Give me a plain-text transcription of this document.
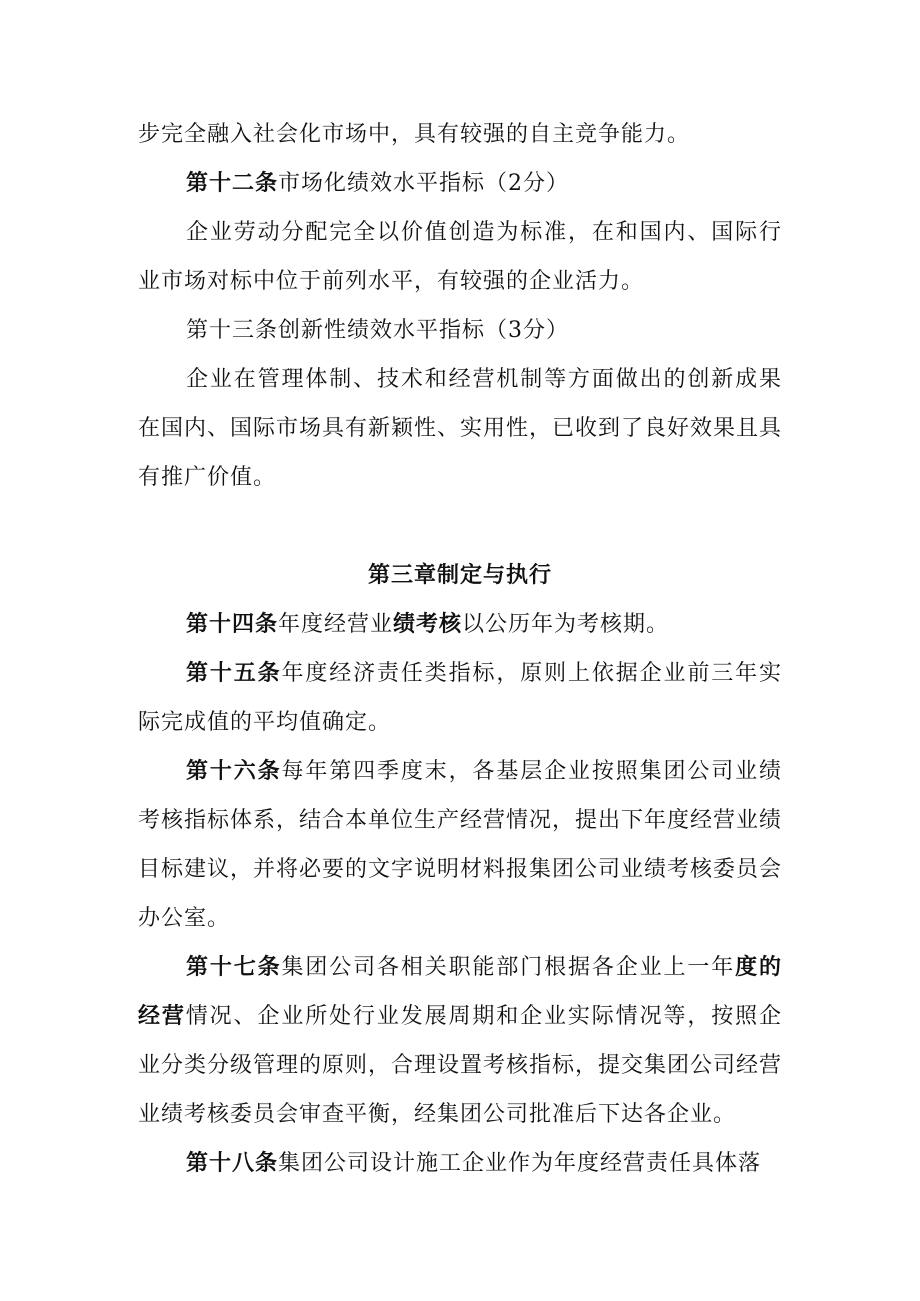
步完全融入社会化市场中，具有较强的自主竞争能力。

第十二条市场化绩效水平指标（2分）

企业劳动分配完全以价值创造为标准，在和国内、国际行业市场对标中位于前列水平，有较强的企业活力。

第十三条创新性绩效水平指标（3分）

企业在管理体制、技术和经营机制等方面做出的创新成果在国内、国际市场具有新颖性、实用性，已收到了良好效果且具有推广价值。

第三章制定与执行

第十四条年度经营业绩考核以公历年为考核期。

第十五条年度经济责任类指标，原则上依据企业前三年实际完成值的平均值确定。

第十六条每年第四季度末，各基层企业按照集团公司业绩考核指标体系，结合本单位生产经营情况，提出下年度经营业绩目标建议，并将必要的文字说明材料报集团公司业绩考核委员会办公室。

第十七条集团公司各相关职能部门根据各企业上一年度的经营情况、企业所处行业发展周期和企业实际情况等，按照企业分类分级管理的原则，合理设置考核指标，提交集团公司经营业绩考核委员会审查平衡，经集团公司批准后下达各企业。

第十八条集团公司设计施工企业作为年度经营责任具体落
